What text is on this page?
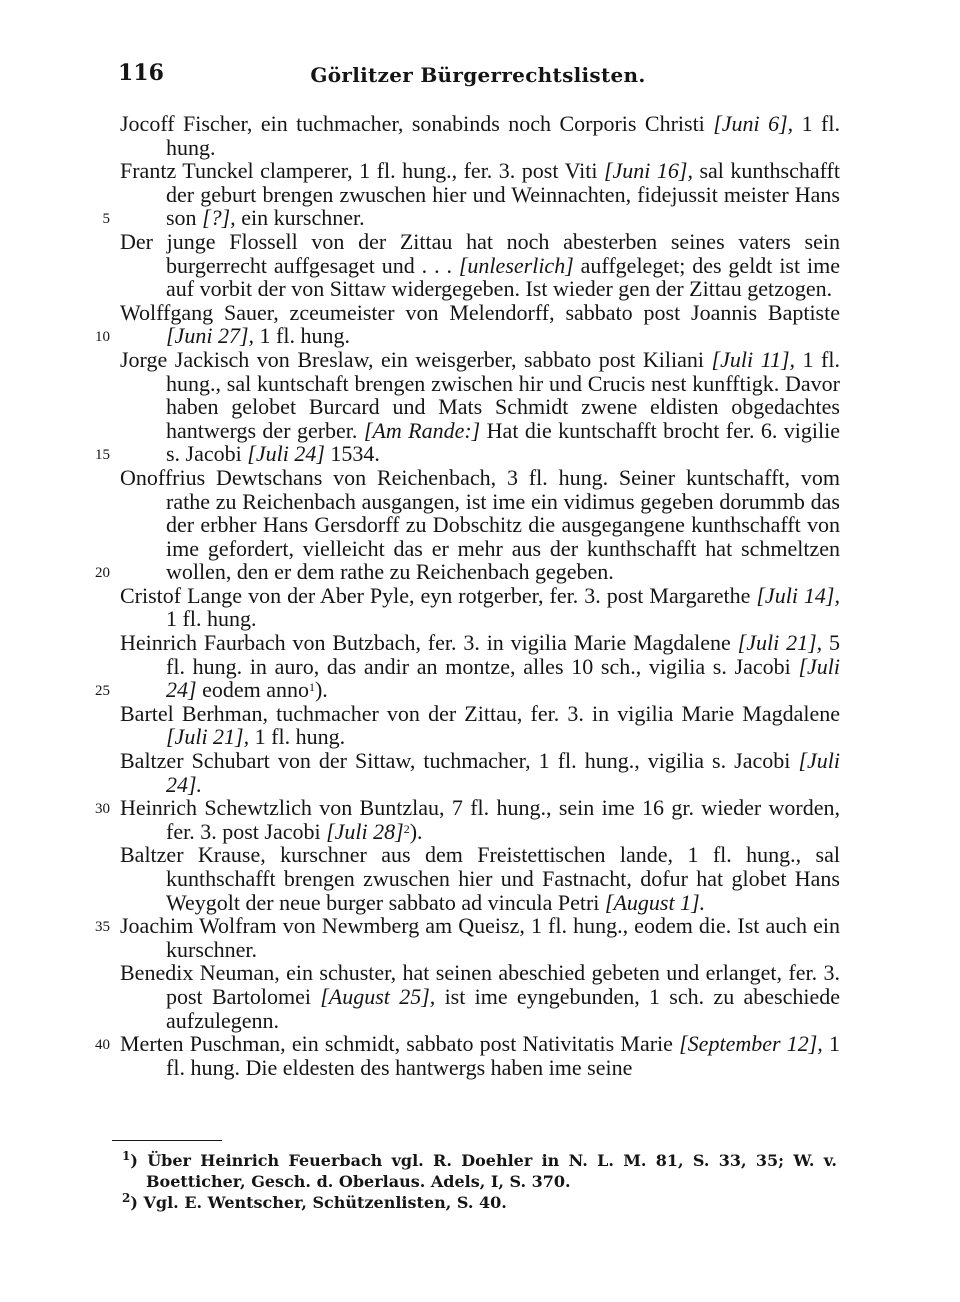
116	Görlitzer Bürgerrechtslisten.
5
10
15
20
25
30
35
40

Jocoff Fischer, ein tuchmacher, sonabinds noch Corporis Christi [Juni 6], 1 fl. hung.

Frantz Tunckel clamperer, 1 fl. hung., fer. 3. post Viti [Juni 16], sal kunthschafft der geburt brengen zwuschen hier und Weinnachten, fidejussit meister Hans son [?], ein kurschner.

Der junge Flossell von der Zittau hat noch abesterben seines vaters sein burgerrecht auffgesaget und . . . [unleserlich] auffgeleget; des geldt ist ime auf vorbit der von Sittaw widergegeben. Ist wieder gen der Zittau getzogen.

Wolffgang Sauer, zceumeister von Melendorff, sabbato post Joannis Baptiste [Juni 27], 1 fl. hung.

Jorge Jackisch von Breslaw, ein weisgerber, sabbato post Kiliani [Juli 11], 1 fl. hung., sal kuntschaft brengen zwischen hir und Crucis nest kunfftigk. Davor haben gelobet Burcard und Mats Schmidt zwene eldisten obgedachtes hantwergs der gerber. [Am Rande:] Hat die kuntschafft brocht fer. 6. vigilie s. Jacobi [Juli 24] 1534.

Onoffrius Dewtschans von Reichenbach, 3 fl. hung. Seiner kuntschafft, vom rathe zu Reichenbach ausgangen, ist ime ein vidimus gegeben dorummb das der erbher Hans Gersdorff zu Dobschitz die ausgegangene kunthschafft von ime gefordert, vielleicht das er mehr aus der kunthschafft hat schmeltzen wollen, den er dem rathe zu Reichenbach gegeben.

Cristof Lange von der Aber Pyle, eyn rotgerber, fer. 3. post Margarethe [Juli 14], 1 fl. hung.

Heinrich Faurbach von Butzbach, fer. 3. in vigilia Marie Magdalene [Juli 21], 5 fl. hung. in auro, das andir an montze, alles 10 sch., vigilia s. Jacobi [Juli 24] eodem anno$^1$).

Bartel Berhman, tuchmacher von der Zittau, fer. 3. in vigilia Marie Magdalene [Juli 21], 1 fl. hung.

Baltzer Schubart von der Sittaw, tuchmacher, 1 fl. hung., vigilia s. Jacobi [Juli 24].

Heinrich Schewtzlich von Buntzlau, 7 fl. hung., sein ime 16 gr. wieder worden, fer. 3. post Jacobi [Juli 28]$^2$).

Baltzer Krause, kurschner aus dem Freistettischen lande, 1 fl. hung., sal kunthschafft brengen zwuschen hier und Fastnacht, dofur hat globet Hans Weygolt der neue burger sabbato ad vincula Petri [August 1].

Joachim Wolfram von Newmberg am Queisz, 1 fl. hung., eodem die. Ist auch ein kurschner.

Benedix Neuman, ein schuster, hat seinen abeschied gebeten und erlanget, fer. 3. post Bartolomei [August 25], ist ime eyngebunden, 1 sch. zu abeschiede aufzulegenn.

Merten Puschman, ein schmidt, sabbato post Nativitatis Marie [September 12], 1 fl. hung. Die eldesten des hantwergs haben ime seine

$^1$) Über Heinrich Feuerbach vgl. R. Doehler in N. L. M. 81, S. 33, 35; W. v. Boetticher, Gesch. d. Oberlaus. Adels, I, S. 370.

$^2$) Vgl. E. Wentscher, Schützenlisten, S. 40.
